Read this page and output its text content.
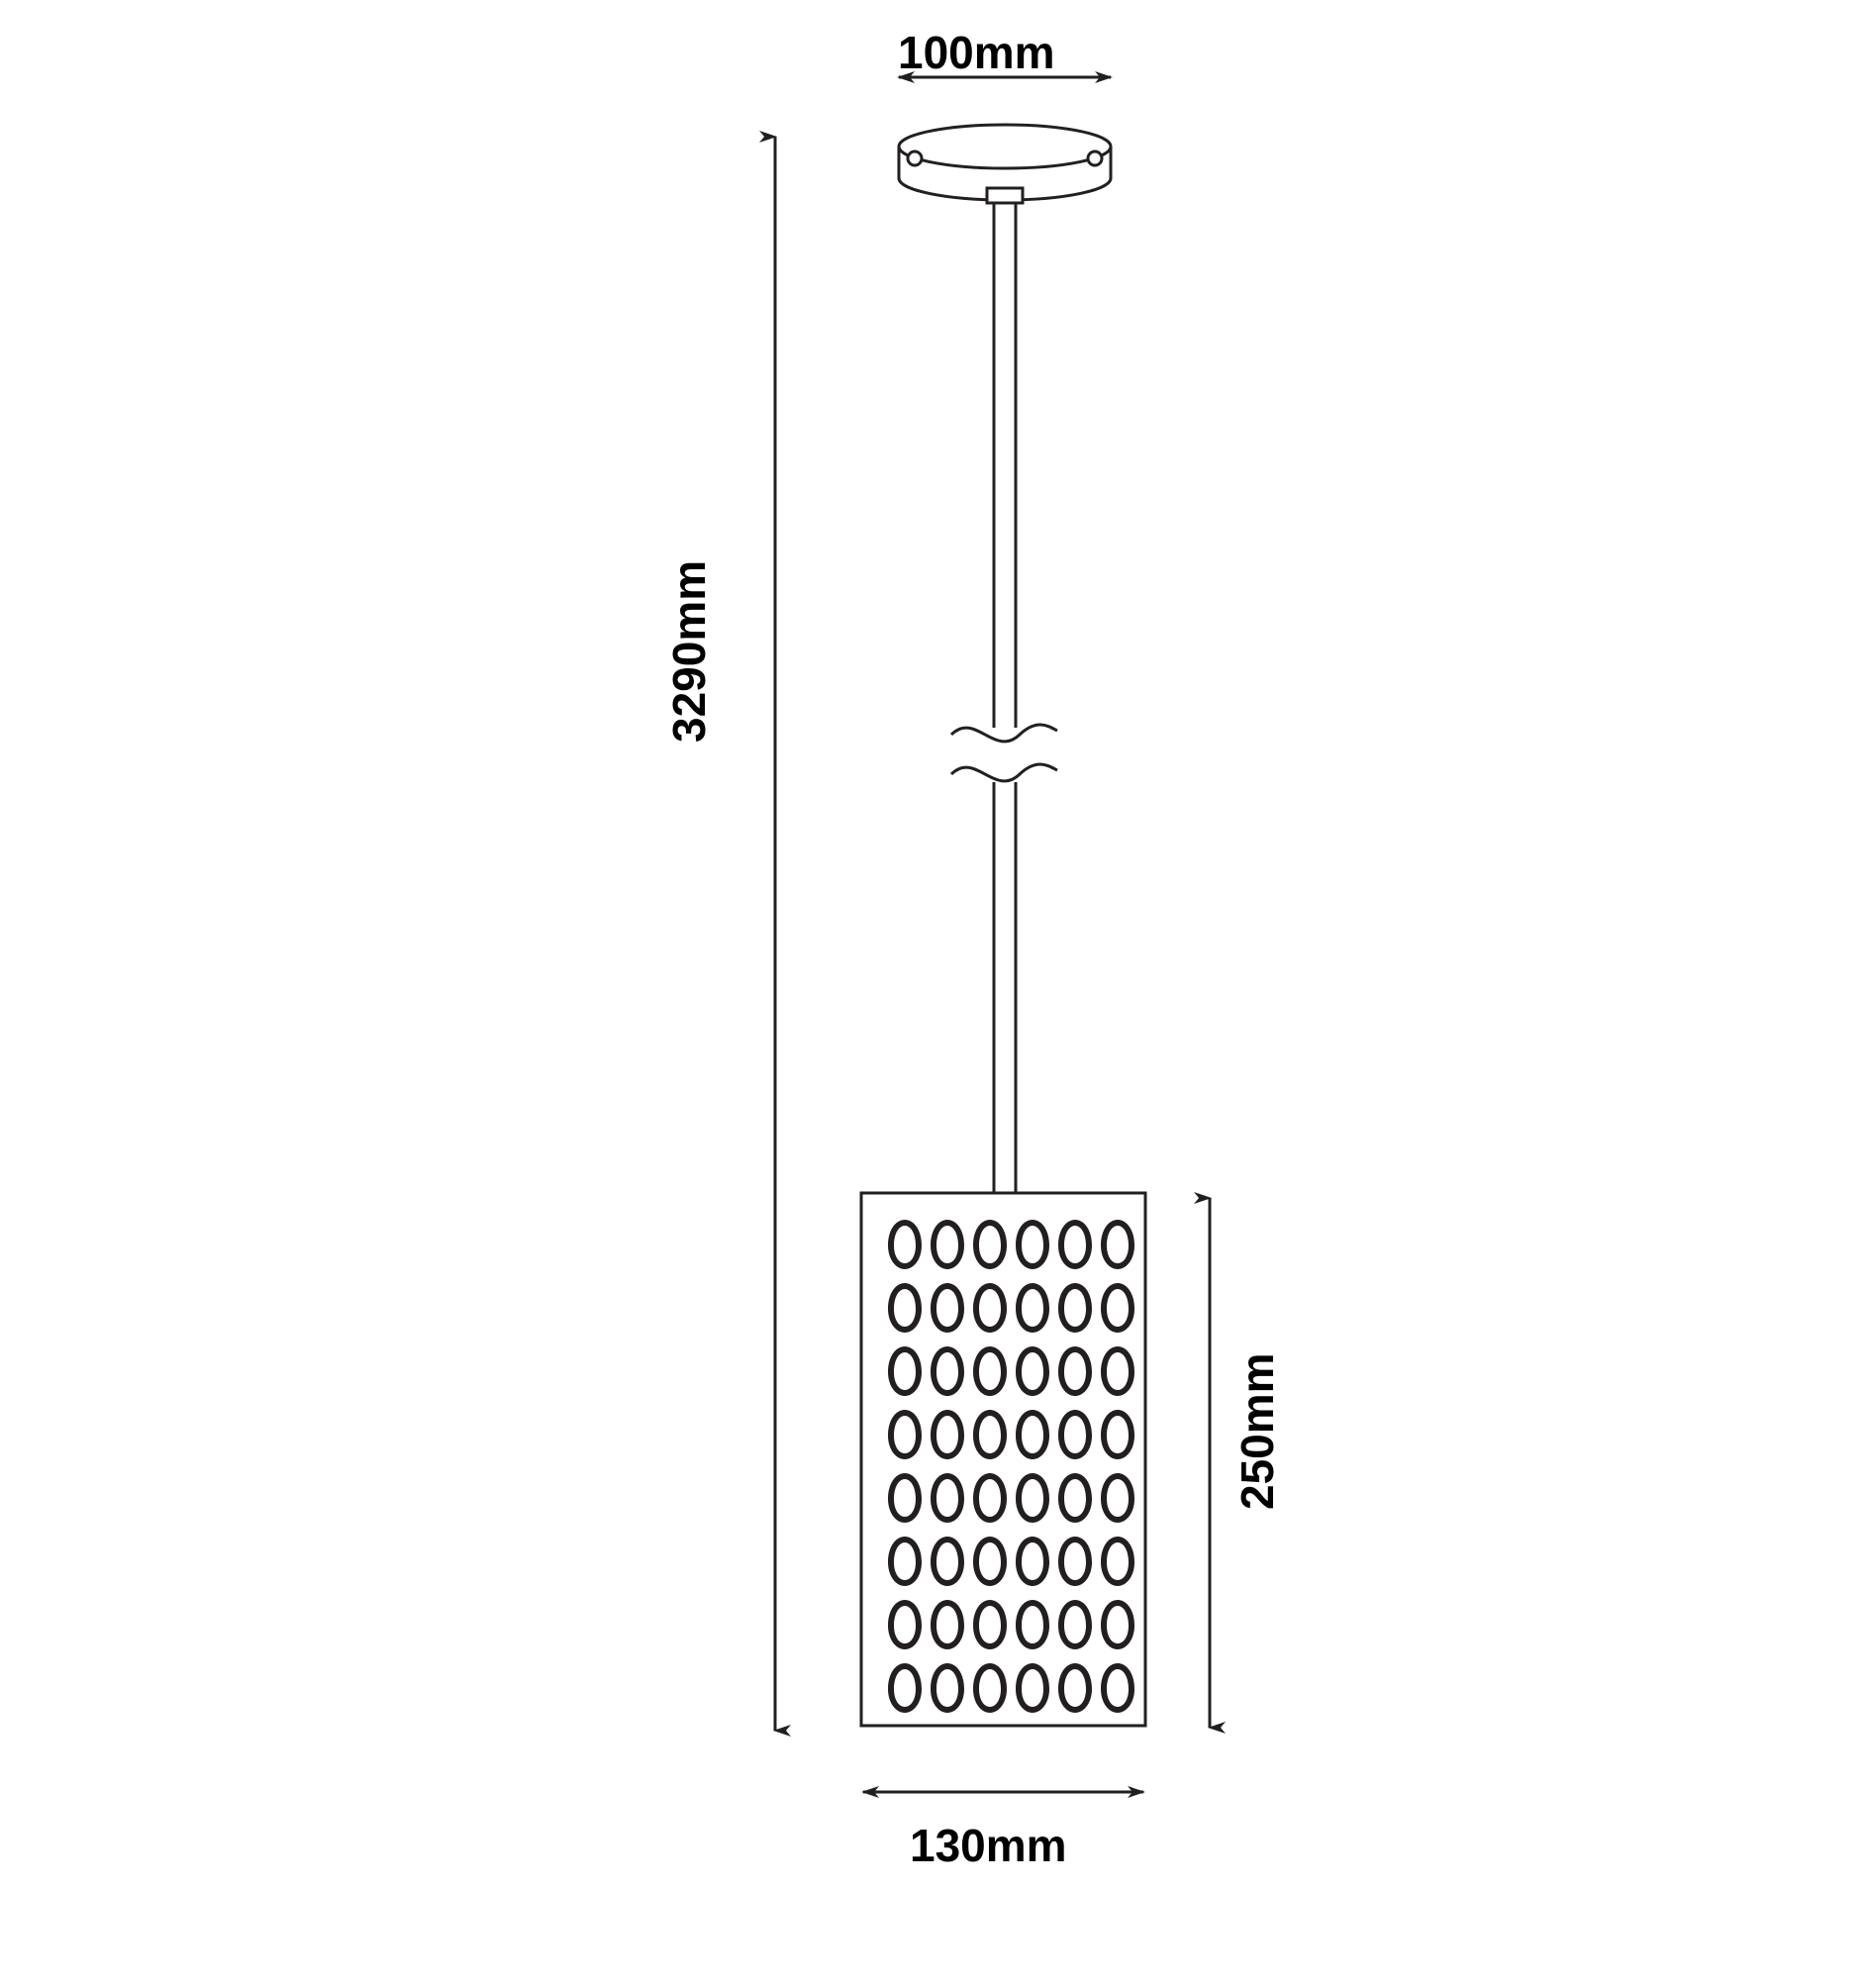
100mm
3290mm
250mm
130mm
